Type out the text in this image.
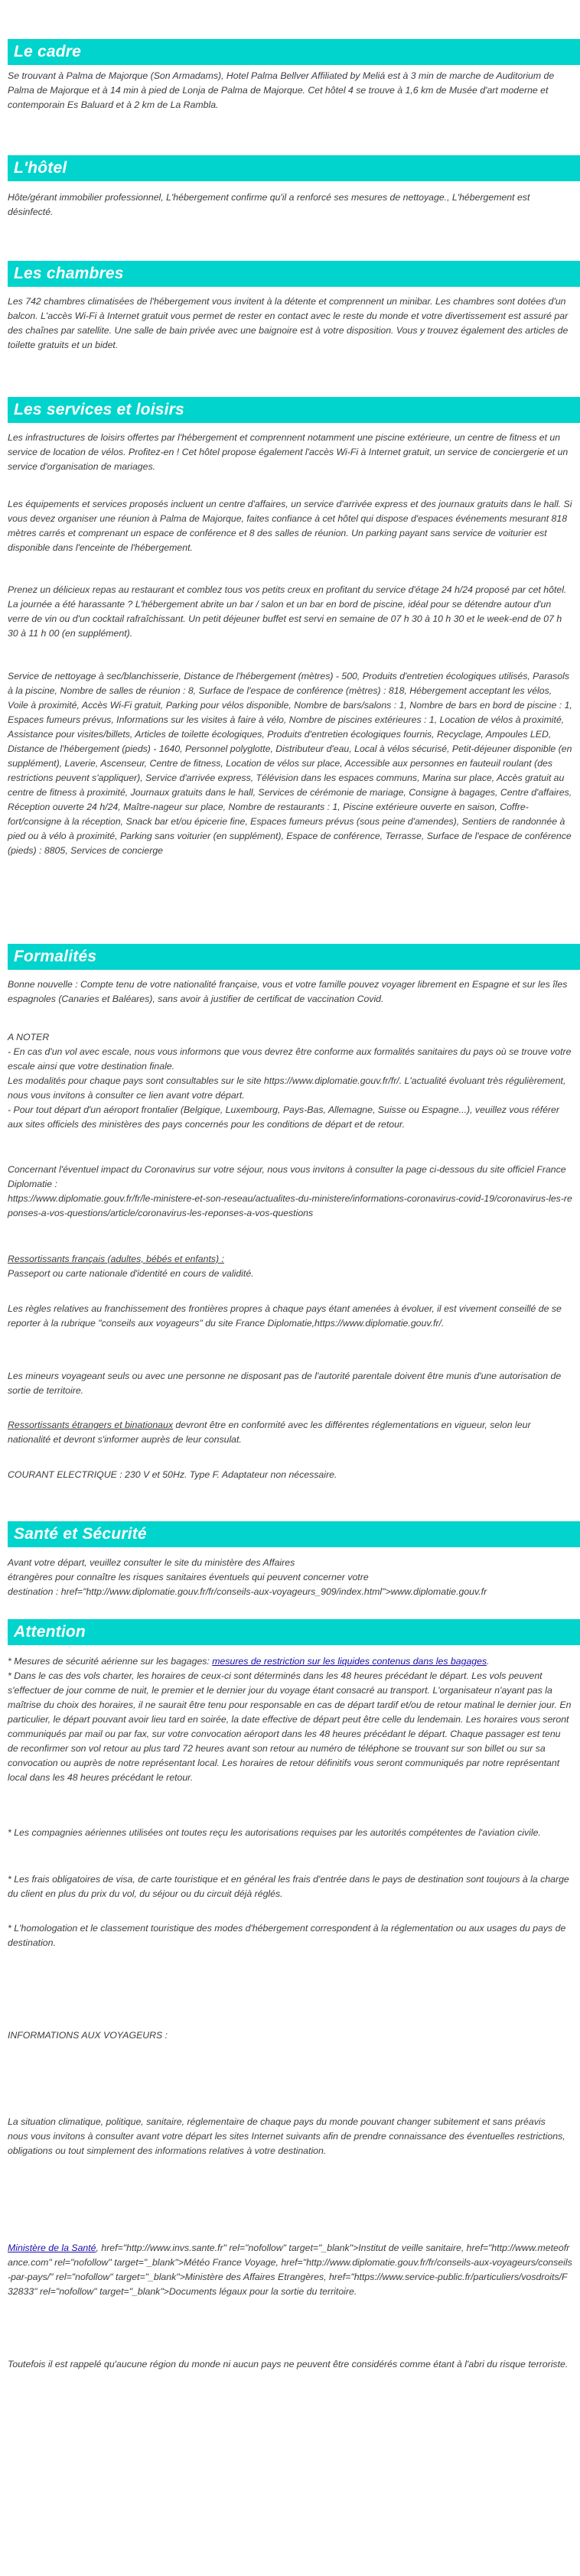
Le cadre
Se trouvant à Palma de Majorque (Son Armadams), Hotel Palma Bellver Affiliated by Meliá est à 3 min de marche de Auditorium de Palma de Majorque et à 14 min à pied de Lonja de Palma de Majorque. Cet hôtel 4 se trouve à 1,6 km de Musée d'art moderne et contemporain Es Baluard et à 2 km de La Rambla.
L'hôtel
Hôte/gérant immobilier professionnel, L'hébergement confirme qu'il a renforcé ses mesures de nettoyage., L'hébergement est désinfecté.
Les chambres
Les 742 chambres climatisées de l'hébergement vous invitent à la détente et comprennent un minibar. Les chambres sont dotées d'un balcon. L'accès Wi-Fi à Internet gratuit vous permet de rester en contact avec le reste du monde et votre divertissement est assuré par des chaînes par satellite. Une salle de bain privée avec une baignoire est à votre disposition. Vous y trouvez également des articles de toilette gratuits et un bidet.
Les services et loisirs
Les infrastructures de loisirs offertes par l'hébergement et comprennent notamment une piscine extérieure, un centre de fitness et un service de location de vélos. Profitez-en ! Cet hôtel propose également l'accès Wi-Fi à Internet gratuit, un service de conciergerie et un service d'organisation de mariages.
Les équipements et services proposés incluent un centre d'affaires, un service d'arrivée express et des journaux gratuits dans le hall. Si vous devez organiser une réunion à Palma de Majorque, faites confiance à cet hôtel qui dispose d'espaces événements mesurant 818 mètres carrés et comprenant un espace de conférence et 8 des salles de réunion. Un parking payant sans service de voiturier est disponible dans l'enceinte de l'hébergement.
Prenez un délicieux repas au restaurant et comblez tous vos petits creux en profitant du service d'étage 24 h/24 proposé par cet hôtel. La journée a été harassante ? L'hébergement abrite un bar / salon et un bar en bord de piscine, idéal pour se détendre autour d'un verre de vin ou d'un cocktail rafraîchissant. Un petit déjeuner buffet est servi en semaine de 07 h 30 à 10 h 30 et le week-end de 07 h 30 à 11 h 00 (en supplément).
Service de nettoyage à sec/blanchisserie, Distance de l'hébergement (mètres) - 500, Produits d'entretien écologiques utilisés, Parasols à la piscine, Nombre de salles de réunion : 8, Surface de l'espace de conférence (mètres) : 818, Hébergement acceptant les vélos, Voile à proximité, Accès Wi-Fi gratuit, Parking pour vélos disponible, Nombre de bars/salons : 1, Nombre de bars en bord de piscine : 1, Espaces fumeurs prévus, Informations sur les visites à faire à vélo, Nombre de piscines extérieures : 1, Location de vélos à proximité, Assistance pour visites/billets, Articles de toilette écologiques, Produits d'entretien écologiques fournis, Recyclage, Ampoules LED, Distance de l'hébergement (pieds) - 1640, Personnel polyglotte, Distributeur d'eau, Local à vélos sécurisé, Petit-déjeuner disponible (en supplément), Laverie, Ascenseur, Centre de fitness, Location de vélos sur place, Accessible aux personnes en fauteuil roulant (des restrictions peuvent s'appliquer), Service d'arrivée express, Télévision dans les espaces communs, Marina sur place, Accès gratuit au centre de fitness à proximité, Journaux gratuits dans le hall, Services de cérémonie de mariage, Consigne à bagages, Centre d'affaires, Réception ouverte 24 h/24, Maître-nageur sur place, Nombre de restaurants : 1, Piscine extérieure ouverte en saison, Coffre-fort/consigne à la réception, Snack bar et/ou épicerie fine, Espaces fumeurs prévus (sous peine d'amendes), Sentiers de randonnée à pied ou à vélo à proximité, Parking sans voiturier (en supplément), Espace de conférence, Terrasse, Surface de l'espace de conférence (pieds) : 8805, Services de concierge
Formalités
Bonne nouvelle : Compte tenu de votre nationalité française, vous et votre famille pouvez voyager librement en Espagne et sur les îles espagnoles (Canaries et Baléares), sans avoir à justifier de certificat de vaccination Covid.
A NOTER
- En cas d'un vol avec escale, nous vous informons que vous devrez être conforme aux formalités sanitaires du pays où se trouve votre escale ainsi que votre destination finale.
Les modalités pour chaque pays sont consultables sur le site https://www.diplomatie.gouv.fr/fr/. L'actualité évoluant très régulièrement, nous vous invitons à consulter ce lien avant votre départ.
- Pour tout départ d'un aéroport frontalier (Belgique, Luxembourg, Pays-Bas, Allemagne, Suisse ou Espagne...), veuillez vous référer aux sites officiels des ministères des pays concernés pour les conditions de départ et de retour.
Concernant l'éventuel impact du Coronavirus sur votre séjour, nous vous invitons à consulter la page ci-dessous du site officiel France Diplomatie :
https://www.diplomatie.gouv.fr/fr/le-ministere-et-son-reseau/actualites-du-ministere/informations-coronavirus-covid-19/coronavirus-les-reponses-a-vos-questions/article/coronavirus-les-reponses-a-vos-questions

Ressortissants français (adultes, bébés et enfants) :

Passeport ou carte nationale d'identité en cours de validité.

Les règles relatives au franchissement des frontières propres à chaque pays étant amenées à évoluer, il est vivement conseillé de se reporter à la rubrique "conseils aux voyageurs" du site France Diplomatie,https://www.diplomatie.gouv.fr/.
Les mineurs voyageant seuls ou avec une personne ne disposant pas de l'autorité parentale doivent être munis d'une autorisation de sortie de territoire.
Ressortissants étrangers et binationaux devront être en conformité avec les différentes réglementations en vigueur, selon leur nationalité et devront s'informer auprès de leur consulat.
COURANT ELECTRIQUE : 230 V et 50Hz. Type F. Adaptateur non nécessaire.
Santé et Sécurité

Avant votre départ, veuillez consulter le site du ministère des Affaires

étrangères pour connaître les risques sanitaires éventuels qui peuvent concerner votre

destination : href="http://www.diplomatie.gouv.fr/fr/conseils-aux-voyageurs_909/index.html">www.diplomatie.gouv.fr

Attention
* Mesures de sécurité aérienne sur les bagages: mesures de restriction sur les liquides contenus dans les bagages.
* Dans le cas des vols charter, les horaires de ceux-ci sont déterminés dans les 48 heures précédant le départ. Les vols peuvent s'effectuer de jour comme de nuit, le premier et le dernier jour du voyage étant consacré au transport. L'organisateur n'ayant pas la maîtrise du choix des horaires, il ne saurait être tenu pour responsable en cas de départ tardif et/ou de retour matinal le dernier jour. En particulier, le départ pouvant avoir lieu tard en soirée, la date effective de départ peut être celle du lendemain. Les horaires vous seront communiqués par mail ou par fax, sur votre convocation aéroport dans les 48 heures précédant le départ. Chaque passager est tenu de reconfirmer son vol retour au plus tard 72 heures avant son retour au numéro de téléphone se trouvant sur son billet ou sur sa convocation ou auprès de notre représentant local. Les horaires de retour définitifs vous seront communiqués par notre représentant local dans les 48 heures précédant le retour.
* Les compagnies aériennes utilisées ont toutes reçu les autorisations requises par les autorités compétentes de l'aviation civile.
* Les frais obligatoires de visa, de carte touristique et en général les frais d'entrée dans le pays de destination sont toujours à la charge du client en plus du prix du vol, du séjour ou du circuit déjà réglés.
* L'homologation et le classement touristique des modes d'hébergement correspondent à la réglementation ou aux usages du pays de destination.
INFORMATIONS AUX VOYAGEURS :
La situation climatique, politique, sanitaire, réglementaire de chaque pays du monde pouvant changer subitement et sans préavis
nous vous invitons à consulter avant votre départ les sites Internet suivants afin de prendre connaissance des éventuelles restrictions, obligations ou tout simplement des informations relatives à votre destination.
Ministère de la Santé, href="http://www.invs.sante.fr" rel="nofollow" target="_blank">Institut de veille sanitaire, href="http://www.meteofrance.com" rel="nofollow" target="_blank">Météo France Voyage, href="http://www.diplomatie.gouv.fr/fr/conseils-aux-voyageurs/conseils-par-pays/" rel="nofollow" target="_blank">Ministère des Affaires Etrangères, href="https://www.service-public.fr/particuliers/vosdroits/F32833" rel="nofollow" target="_blank">Documents légaux pour la sortie du territoire.
Toutefois il est rappelé qu'aucune région du monde ni aucun pays ne peuvent être considérés comme étant à l'abri du risque terroriste.
